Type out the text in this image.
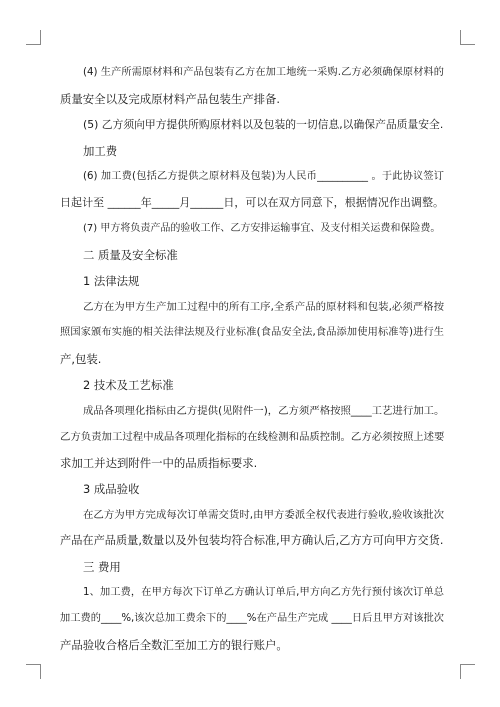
(4) 生产所需原材料和产品包装有乙方在加工地统一采购.乙方必须确保原材料的
质量安全以及完成原材料产品包装生产排备.
(5) 乙方须向甲方提供所购原材料以及包装的一切信息,以确保产品质量安全.
加工费
(6) 加工费(包括乙方提供之原材料及包装)为人民币__________ 。于此协议签订
日起计至 ______年_____月______日，可以在双方同意下，根据情况作出调整。
(7) 甲方将负责产品的验收工作、乙方安排运输事宜、及支付相关运费和保险费。
二 质量及安全标准
1 法律法规
乙方在为甲方生产加工过程中的所有工序,全系产品的原材料和包装,必须严格按
照国家颁布实施的相关法律法规及行业标准(食品安全法,食品添加使用标准等)进行生
产,包装.
2 技术及工艺标准
成品各项理化指标由乙方提供(见附件一)，乙方须严格按照____工艺进行加工。
乙方负责加工过程中成品各项理化指标的在线检测和品质控制。乙方必须按照上述要
求加工并达到附件一中的品质指标要求.
3 成品验收
在乙方为甲方完成每次订单需交货时,由甲方委派全权代表进行验收,验收该批次
产品在产品质量,数量以及外包装均符合标准,甲方确认后,乙方方可向甲方交货.
三 费用
1、加工费，在甲方每次下订单乙方确认订单后,甲方向乙方先行预付该次订单总
加工费的____%,该次总加工费余下的____%在产品生产完成 ____日后且甲方对该批次
产品验收合格后全数汇至加工方的银行账户。
